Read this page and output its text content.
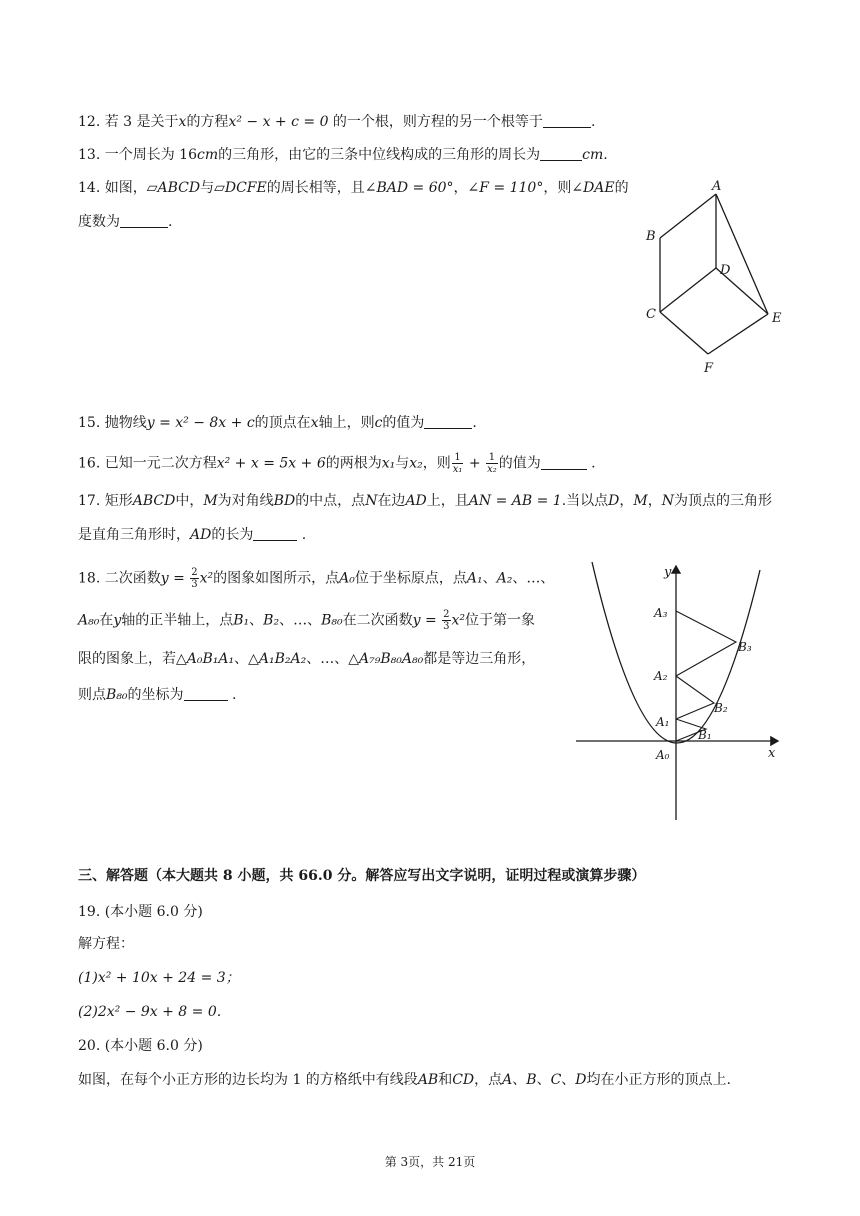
12. 若 3 是关于x的方程x² − x + c = 0 的一个根，则方程的另一个根等于	.
13. 一个周长为 16cm的三角形，由它的三条中位线构成的三角形的周长为	cm.
14. 如图，▱ABCD与▱DCFE的周长相等，且∠BAD = 60°，∠F = 110°，则∠DAE的
度数为	.
A
B
C
D
E
F
15. 抛物线y = x² − 8x + c的顶点在x轴上，则c的值为	.
16. 已知一元二次方程x² + x = 5x + 6的两根为x₁与x₂，则 $\frac{1}{\text{x₁}} + \frac{1}{\text{x₂}}$ 的值为	.
17. 矩形ABCD中，M为对角线BD的中点，点N在边AD上，且AN = AB = 1.当以点D，M，N为顶点的三角形
是直角三角形时，AD的长为	.
18. 二次函数$y = \frac{2}{3} x^2$的图象如图所示，点A₀位于坐标原点，点A₁、A₂、…、
A₈₀在y轴的正半轴上，点B₁、B₂、…、B₈₀在二次函数$y = \frac{2}{3} x^2$位于第一象
限的图象上，若△A₀B₁A₁、△A₁B₂A₂、…、△A₇₉B₈₀A₈₀都是等边三角形，
则点B₈₀的坐标为	.
y
x
A₀
A₁
A₂
A₃
B₁
B₂
B₃
三、解答题（本大题共 8 小题，共 66.0 分。解答应写出文字说明，证明过程或演算步骤）
19. (本小题 6.0 分)
解方程：
(1)x² + 10x + 24 = 3；
(2)2x² − 9x + 8 = 0.
20. (本小题 6.0 分)
如图，在每个小正方形的边长均为 1 的方格纸中有线段AB和CD，点A、B、C、D均在小正方形的顶点上.
第 3页，共 21页
